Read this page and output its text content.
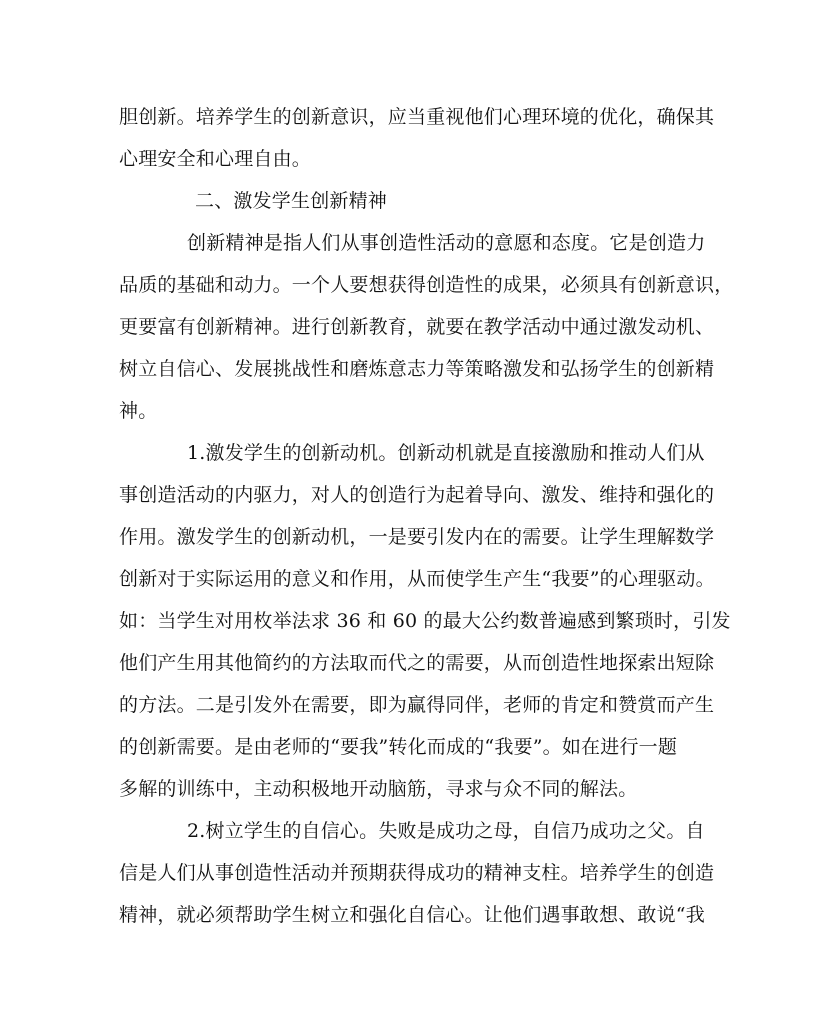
胆创新。培养学生的创新意识，应当重视他们心理环境的优化，确保其
心理安全和心理自由。
二、激发学生创新精神
创新精神是指人们从事创造性活动的意愿和态度。它是创造力
品质的基础和动力。一个人要想获得创造性的成果，必须具有创新意识，
更要富有创新精神。进行创新教育，就要在教学活动中通过激发动机、
树立自信心、发展挑战性和磨炼意志力等策略激发和弘扬学生的创新精
神。
1.激发学生的创新动机。创新动机就是直接激励和推动人们从
事创造活动的内驱力，对人的创造行为起着导向、激发、维持和强化的
作用。激发学生的创新动机，一是要引发内在的需要。让学生理解数学
创新对于实际运用的意义和作用，从而使学生产生“我要”的心理驱动。
如：当学生对用枚举法求 36 和 60 的最大公约数普遍感到繁琐时，引发
他们产生用其他简约的方法取而代之的需要，从而创造性地探索出短除
的方法。二是引发外在需要，即为赢得同伴，老师的肯定和赞赏而产生
的创新需要。是由老师的“要我”转化而成的“我要”。如在进行一题
多解的训练中，主动积极地开动脑筋，寻求与众不同的解法。
2.树立学生的自信心。失败是成功之母，自信乃成功之父。自
信是人们从事创造性活动并预期获得成功的精神支柱。培养学生的创造
精神，就必须帮助学生树立和强化自信心。让他们遇事敢想、敢说“我
